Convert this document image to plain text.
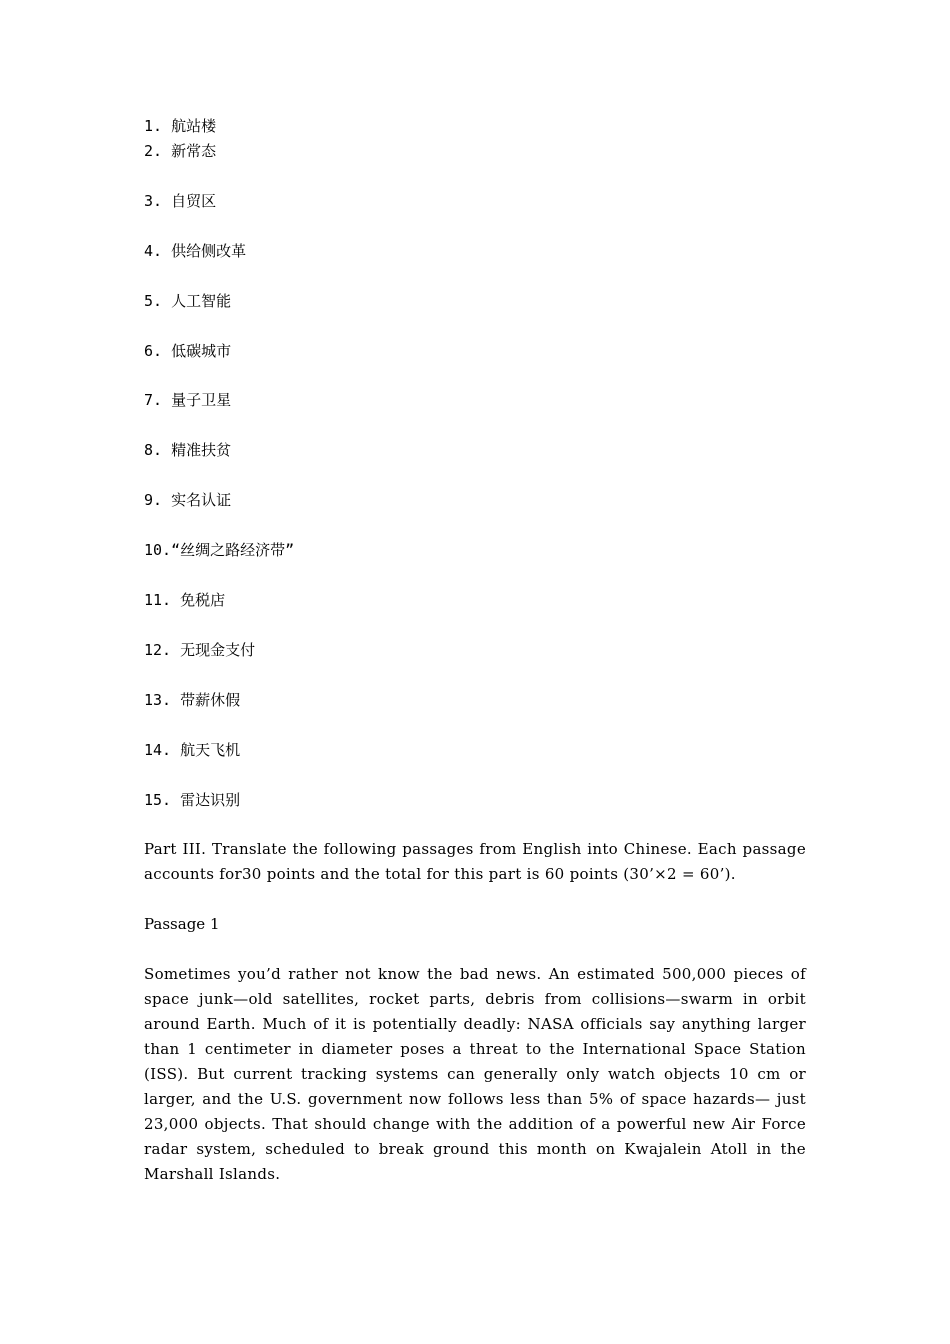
1. 航站楼

2. 新常态

3. 自贸区

4. 供给侧改革

5. 人工智能

6. 低碳城市

7. 量子卫星

8. 精准扶贫

9. 实名认证

10.“丝绸之路经济带”

11. 免税店

12. 无现金支付

13. 带薪休假

14. 航天飞机

15. 雷达识别

Part III. Translate the following passages from English into Chinese. Each passage accounts for30 points and the total for this part is 60 points (30’×2 = 60’).

Passage 1

Sometimes you’d rather not know the bad news. An estimated 500,000 pieces of space junk—old satellites, rocket parts, debris from collisions—swarm in orbit around Earth. Much of it is potentially deadly: NASA officials say anything larger than 1 centimeter in diameter poses a threat to the International Space Station (ISS). But current tracking systems can generally only watch objects 10 cm or larger, and the U.S. government now follows less than 5% of space hazards— just 23,000 objects. That should change with the addition of a powerful new Air Force radar system, scheduled to break ground this month on Kwajalein Atoll in the Marshall Islands.
